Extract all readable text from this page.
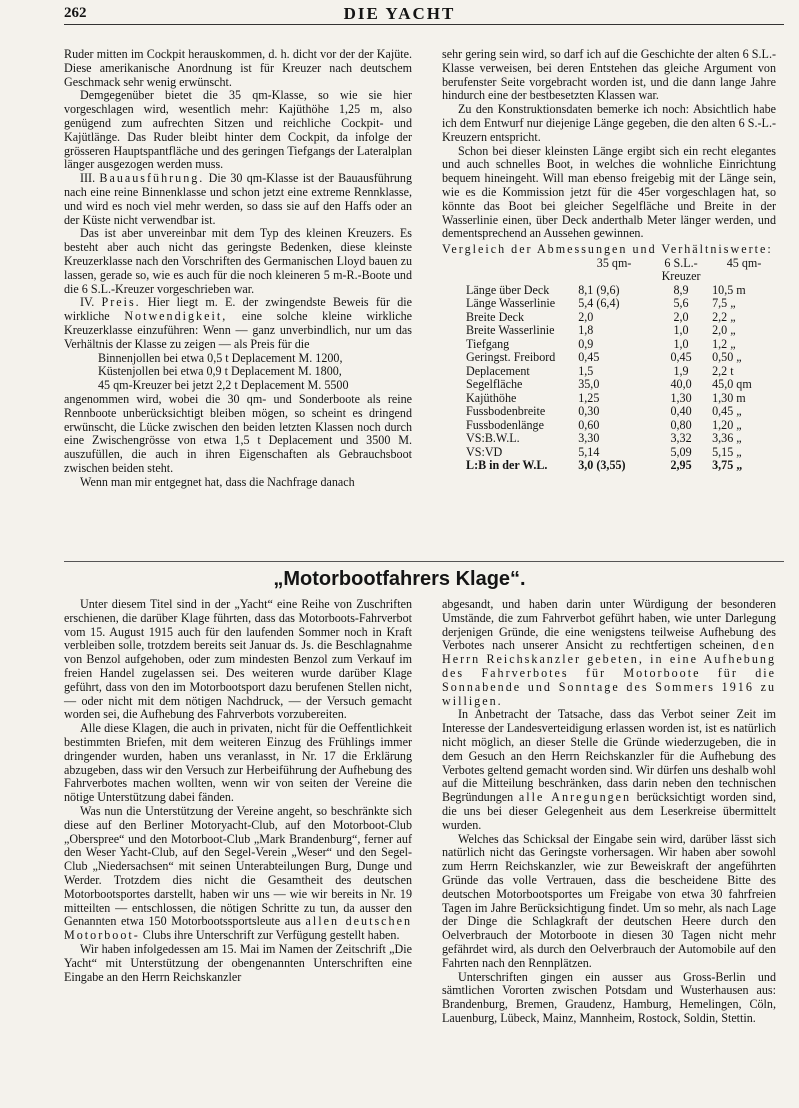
262	DIE YACHT

Ruder mitten im Cockpit herauskommen, d. h. dicht vor der der Kajüte. Diese amerikanische Anordnung ist für Kreuzer nach deutschem Geschmack sehr wenig erwünscht.

Demgegenüber bietet die 35 qm-Klasse, so wie sie hier vorgeschlagen wird, wesentlich mehr: Kajüthöhe 1,25 m, also genügend zum aufrechten Sitzen und reichliche Cockpit- und Kajütlänge. Das Ruder bleibt hinter dem Cockpit, da infolge der grösseren Hauptspantfläche und des geringen Tiefgangs der Lateralplan länger ausgezogen werden muss.

III. Bauausführung. Die 30 qm-Klasse ist der Bauausführung nach eine reine Binnenklasse und schon jetzt eine extreme Rennklasse, und wird es noch viel mehr werden, so dass sie auf den Haffs oder an der Küste nicht verwendbar ist.

Das ist aber unvereinbar mit dem Typ des kleinen Kreuzers. Es besteht aber auch nicht das geringste Bedenken, diese kleinste Kreuzerklasse nach den Vorschriften des Germanischen Lloyd bauen zu lassen, gerade so, wie es auch für die noch kleineren 5 m-R.-Boote und die 6 S.L.-Kreuzer vorgeschrieben war.

IV. Preis. Hier liegt m. E. der zwingendste Beweis für die wirkliche Notwendigkeit, eine solche kleine wirkliche Kreuzerklasse einzuführen: Wenn — ganz unverbindlich, nur um das Verhältnis der Klasse zu zeigen — als Preis für die

Binnenjollen bei etwa 0,5 t Deplacement M. 1200,

Küstenjollen bei etwa 0,9 t Deplacement M. 1800,

45 qm-Kreuzer bei jetzt 2,2 t Deplacement M. 5500

angenommen wird, wobei die 30 qm- und Sonderboote als reine Rennboote unberücksichtigt bleiben mögen, so scheint es dringend erwünscht, die Lücke zwischen den beiden letzten Klassen noch durch eine Zwischengrösse von etwa 1,5 t Deplacement und 3500 M. auszufüllen, die auch in ihren Eigenschaften als Gebrauchsboot zwischen beiden steht.

Wenn man mir entgegnet hat, dass die Nachfrage danach

sehr gering sein wird, so darf ich auf die Geschichte der alten 6 S.L.-Klasse verweisen, bei deren Entstehen das gleiche Argument von berufenster Seite vorgebracht worden ist, und die dann lange Jahre hindurch eine der bestbesetzten Klassen war.

Zu den Konstruktionsdaten bemerke ich noch: Absichtlich habe ich dem Entwurf nur diejenige Länge gegeben, die den alten 6 S.-L.-Kreuzern entspricht.

Schon bei dieser kleinsten Länge ergibt sich ein recht elegantes und auch schnelles Boot, in welches die wohnliche Einrichtung bequem hineingeht. Will man ebenso freigebig mit der Länge sein, wie es die Kommission jetzt für die 45er vorgeschlagen hat, so könnte das Boot bei gleicher Segelfläche und Breite in der Wasserlinie einen, über Deck anderthalb Meter länger werden, und dementsprechend an Aussehen gewinnen.

Vergleich der Abmessungen und Verhältniswerte:
	35 qm-	6 S.L.-Kreuzer	45 qm-
Länge über Deck	8,1 (9,6)	8,9	10,5 m
Länge Wasserlinie	5,4 (6,4)	5,6	7,5 „
Breite Deck	2,0	2,0	2,2 „
Breite Wasserlinie	1,8	1,0	2,0 „
Tiefgang	0,9	1,0	1,2 „
Geringst. Freibord	0,45	0,45	0,50 „
Deplacement	1,5	1,9	2,2 t
Segelfläche	35,0	40,0	45,0 qm
Kajüthöhe	1,25	1,30	1,30 m
Fussbodenbreite	0,30	0,40	0,45 „
Fussbodenlänge	0,60	0,80	1,20 „
VS:B.W.L.	3,30	3,32	3,36 „
VS:VD	5,14	5,09	5,15 „
L:B in der W.L.	3,0 (3,55)	2,95	3,75 „
„Motorbootfahrers Klage“.

Unter diesem Titel sind in der „Yacht“ eine Reihe von Zuschriften erschienen, die darüber Klage führten, dass das Motorboots-Fahrverbot vom 15. August 1915 auch für den laufenden Sommer noch in Kraft verbleiben solle, trotzdem bereits seit Januar ds. Js. die Beschlagnahme von Benzol aufgehoben, oder zum mindesten Benzol zum Verkauf im freien Handel zugelassen sei. Des weiteren wurde darüber Klage geführt, dass von den im Motorbootsport dazu berufenen Stellen nicht, — oder nicht mit dem nötigen Nachdruck, — der Versuch gemacht worden sei, die Aufhebung des Fahrverbots vorzubereiten.

Alle diese Klagen, die auch in privaten, nicht für die Oeffentlichkeit bestimmten Briefen, mit dem weiteren Einzug des Frühlings immer dringender wurden, haben uns veranlasst, in Nr. 17 die Erklärung abzugeben, dass wir den Versuch zur Herbeiführung der Aufhebung des Fahrverbotes machen wollten, wenn wir von seiten der Vereine die nötige Unterstützung dabei fänden.

Was nun die Unterstützung der Vereine angeht, so beschränkte sich diese auf den Berliner Motoryacht-Club, auf den Motorboot-Club „Oberspree“ und den Motorboot-Club „Mark Brandenburg“, ferner auf den Weser Yacht-Club, auf den Segel-Verein „Weser“ und den Segel-Club „Niedersachsen“ mit seinen Unterabteilungen Burg, Dunge und Werder. Trotzdem dies nicht die Gesamtheit des deutschen Motorbootsportes darstellt, haben wir uns — wie wir bereits in Nr. 19 mitteilten — entschlossen, die nötigen Schritte zu tun, da ausser den Genannten etwa 150 Motorbootssportsleute aus allen deutschen Motorboot- Clubs ihre Unterschrift zur Verfügung gestellt haben.

Wir haben infolgedessen am 15. Mai im Namen der Zeitschrift „Die Yacht“ mit Unterstützung der obengenannten Unterschriften eine Eingabe an den Herrn Reichskanzler

abgesandt, und haben darin unter Würdigung der besonderen Umstände, die zum Fahrverbot geführt haben, wie unter Darlegung derjenigen Gründe, die eine wenigstens teilweise Aufhebung des Verbotes nach unserer Ansicht zu rechtfertigen scheinen, den Herrn Reichskanzler gebeten, in eine Aufhebung des Fahrverbotes für Motorboote für die Sonnabende und Sonntage des Sommers 1916 zu willigen.

In Anbetracht der Tatsache, dass das Verbot seiner Zeit im Interesse der Landesverteidigung erlassen worden ist, ist es natürlich nicht möglich, an dieser Stelle die Gründe wiederzugeben, die in dem Gesuch an den Herrn Reichskanzler für die Aufhebung des Verbotes geltend gemacht worden sind. Wir dürfen uns deshalb wohl auf die Mitteilung beschränken, dass darin neben den technischen Begründungen alle Anregungen berücksichtigt worden sind, die uns bei dieser Gelegenheit aus dem Leserkreise übermittelt wurden.

Welches das Schicksal der Eingabe sein wird, darüber lässt sich natürlich nicht das Geringste vorhersagen. Wir haben aber sowohl zum Herrn Reichskanzler, wie zur Beweiskraft der angeführten Gründe das volle Vertrauen, dass die bescheidene Bitte des deutschen Motorbootsportes um Freigabe von etwa 30 fahrfreien Tagen im Jahre Berücksichtigung findet. Um so mehr, als nach Lage der Dinge die Schlagkraft der deutschen Heere durch den Oelverbrauch der Motorboote in diesen 30 Tagen nicht mehr gefährdet wird, als durch den Oelverbrauch der Automobile auf den Fahrten nach den Rennplätzen.

Unterschriften gingen ein ausser aus Gross-Berlin und sämtlichen Vororten zwischen Potsdam und Wusterhausen aus: Brandenburg, Bremen, Graudenz, Hamburg, Hemelingen, Cöln, Lauenburg, Lübeck, Mainz, Mannheim, Rostock, Soldin, Stettin.
